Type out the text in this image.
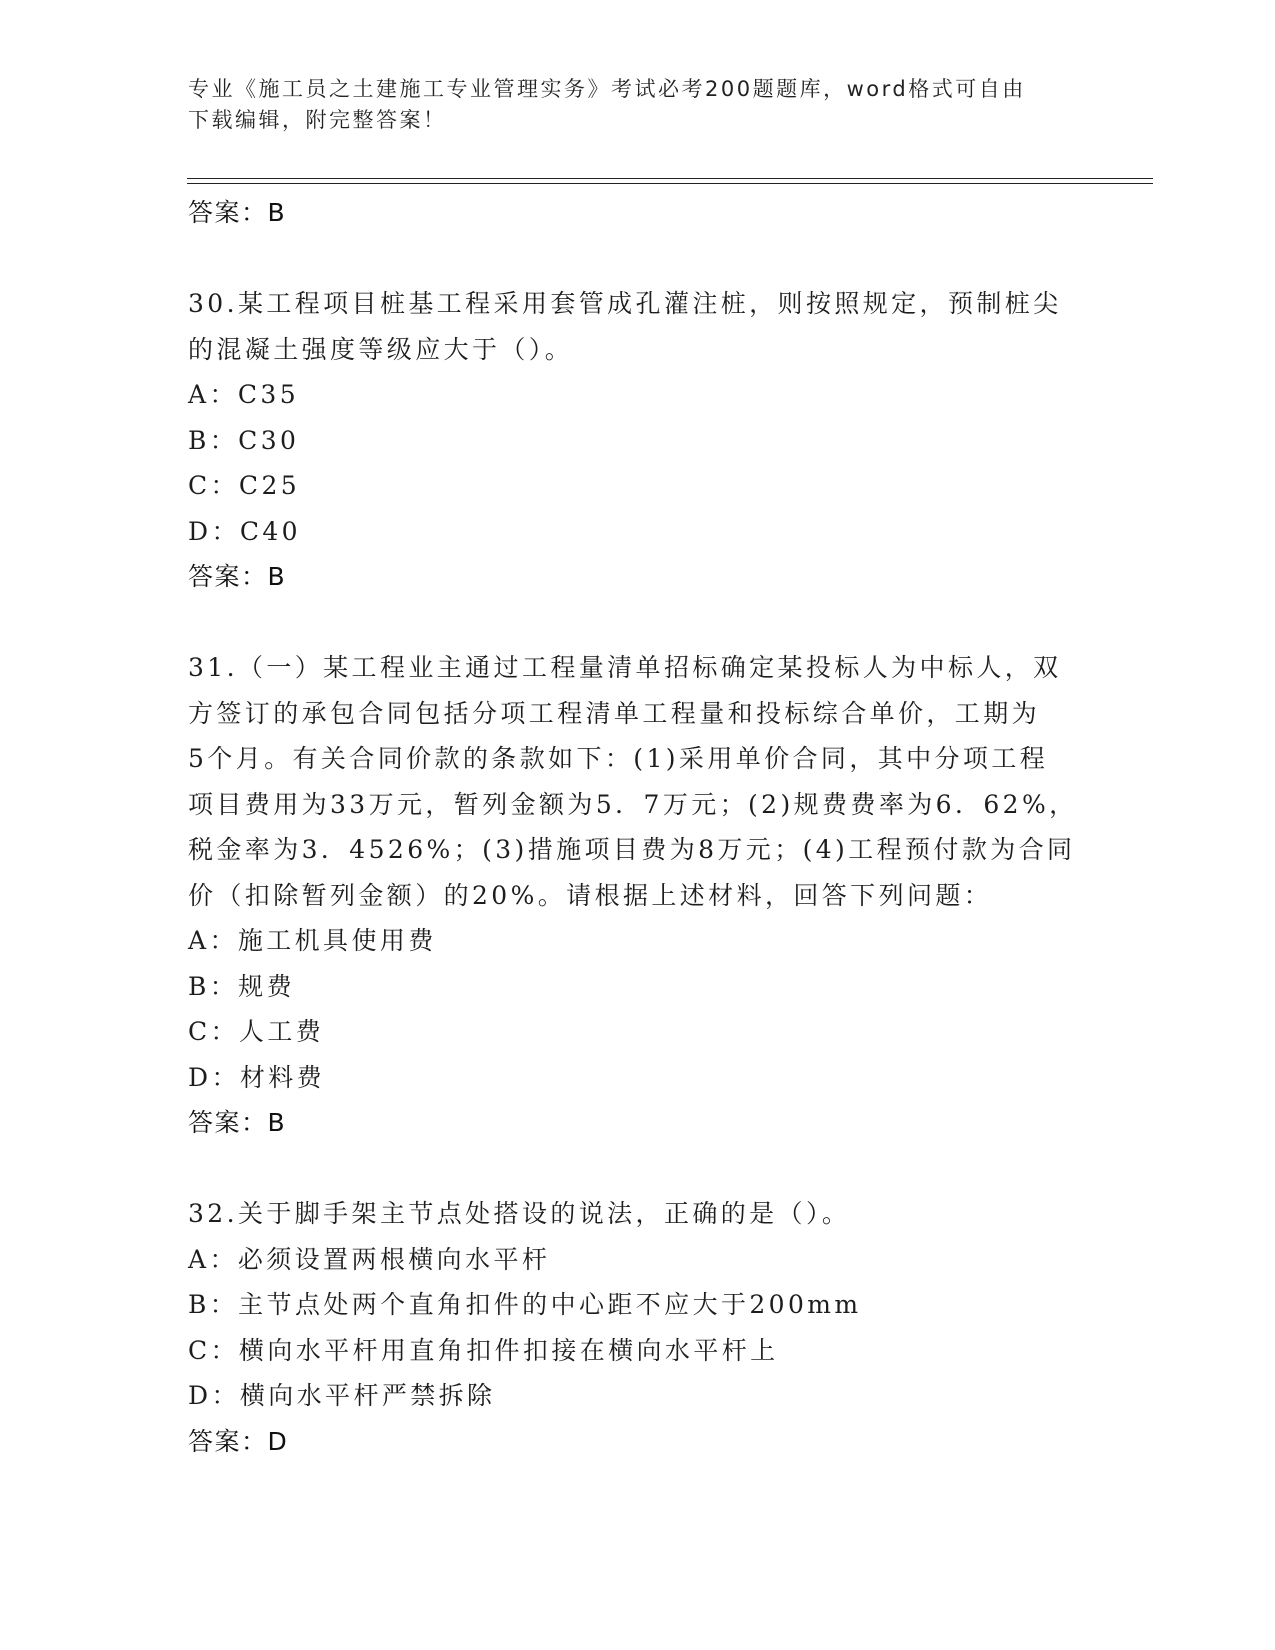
专业《施工员之土建施工专业管理实务》考试必考200题题库，word格式可自由
下载编辑，附完整答案！
答案：B
30.某工程项目桩基工程采用套管成孔灌注桩，则按照规定，预制桩尖
的混凝土强度等级应大于（）。
A：C35
B：C30
C：C25
D：C40
答案：B
31.（一）某工程业主通过工程量清单招标确定某投标人为中标人，双
方签订的承包合同包括分项工程清单工程量和投标综合单价，工期为
5个月。有关合同价款的条款如下：(1)采用单价合同，其中分项工程
项目费用为33万元，暂列金额为5．7万元；(2)规费费率为6．62%，
税金率为3．4526%；(3)措施项目费为8万元；(4)工程预付款为合同
价（扣除暂列金额）的20%。请根据上述材料，回答下列问题：
A：施工机具使用费
B：规费
C：人工费
D：材料费
答案：B
32.关于脚手架主节点处搭设的说法，正确的是（）。
A：必须设置两根横向水平杆
B：主节点处两个直角扣件的中心距不应大于200mm
C：横向水平杆用直角扣件扣接在横向水平杆上
D：横向水平杆严禁拆除
答案：D
